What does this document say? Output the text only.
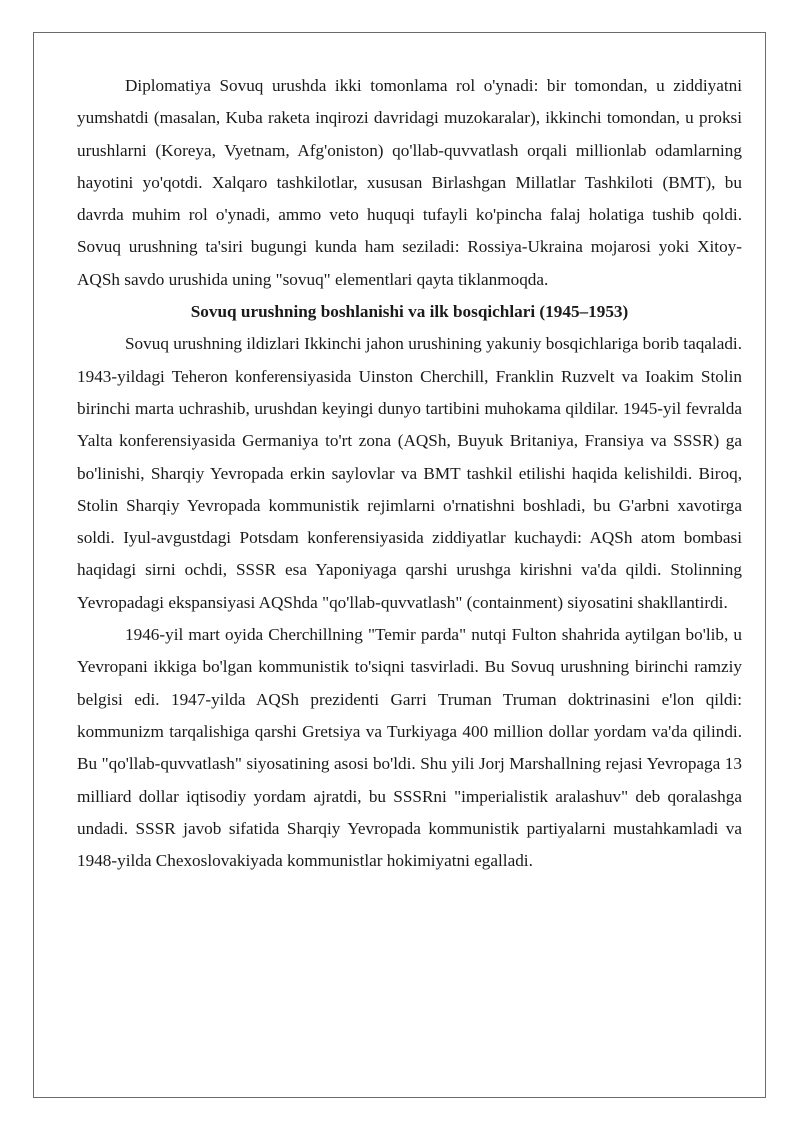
Diplomatiya Sovuq urushda ikki tomonlama rol o'ynadi: bir tomondan, u ziddiyatni yumshatdi (masalan, Kuba raketa inqirozi davridagi muzokaralar), ikkinchi tomondan, u proksi urushlarni (Koreya, Vyetnam, Afg'oniston) qo'llab-quvvatlash orqali millionlab odamlarning hayotini yo'qotdi. Xalqaro tashkilotlar, xususan Birlashgan Millatlar Tashkiloti (BMT), bu davrda muhim rol o'ynadi, ammo veto huquqi tufayli ko'pincha falaj holatiga tushib qoldi. Sovuq urushning ta'siri bugungi kunda ham seziladi: Rossiya-Ukraina mojarosi yoki Xitoy-AQSh savdo urushida uning "sovuq" elementlari qayta tiklanmoqda.

Sovuq urushning boshlanishi va ilk bosqichlari (1945–1953)

Sovuq urushning ildizlari Ikkinchi jahon urushining yakuniy bosqichlariga borib taqaladi. 1943-yildagi Teheron konferensiyasida Uinston Cherchill, Franklin Ruzvelt va Ioakim Stolin birinchi marta uchrashib, urushdan keyingi dunyo tartibini muhokama qildilar. 1945-yil fevralda Yalta konferensiyasida Germaniya to'rt zona (AQSh, Buyuk Britaniya, Fransiya va SSSR) ga bo'linishi, Sharqiy Yevropada erkin saylovlar va BMT tashkil etilishi haqida kelishildi. Biroq, Stolin Sharqiy Yevropada kommunistik rejimlarni o'rnatishni boshladi, bu G'arbni xavotirga soldi. Iyul-avgustdagi Potsdam konferensiyasida ziddiyatlar kuchaydi: AQSh atom bombasi haqidagi sirni ochdi, SSSR esa Yaponiyaga qarshi urushga kirishni va'da qildi. Stolinning Yevropadagi ekspansiyasi AQShda "qo'llab-quvvatlash" (containment) siyosatini shakllantirdi.

1946-yil mart oyida Cherchillning "Temir parda" nutqi Fulton shahrida aytilgan bo'lib, u Yevropani ikkiga bo'lgan kommunistik to'siqni tasvirladi. Bu Sovuq urushning birinchi ramziy belgisi edi. 1947-yilda AQSh prezidenti Garri Truman Truman doktrinasini e'lon qildi: kommunizm tarqalishiga qarshi Gretsiya va Turkiyaga 400 million dollar yordam va'da qilindi. Bu "qo'llab-quvvatlash" siyosatining asosi bo'ldi. Shu yili Jorj Marshallning rejasi Yevropaga 13 milliard dollar iqtisodiy yordam ajratdi, bu SSSRni "imperialistik aralashuv" deb qoralashga undadi. SSSR javob sifatida Sharqiy Yevropada kommunistik partiyalarni mustahkamladi va 1948-yilda Chexoslovakiyada kommunistlar hokimiyatni egalladi.
